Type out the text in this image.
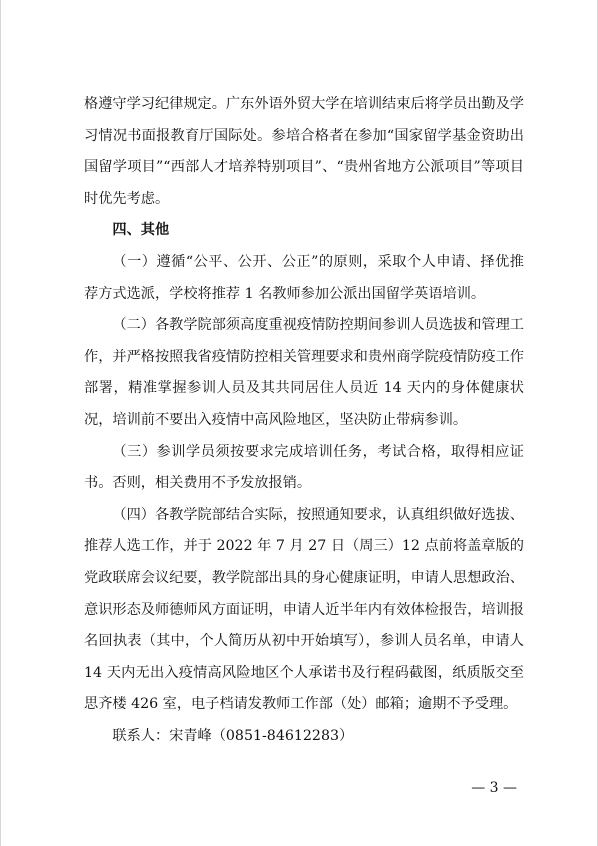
格遵守学习纪律规定。广东外语外贸大学在培训结束后将学员出勤及学习情况书面报教育厅国际处。参培合格者在参加“国家留学基金资助出国留学项目”“西部人才培养特别项目”、“贵州省地方公派项目”等项目时优先考虑。

四、其他

（一）遵循“公平、公开、公正”的原则，采取个人申请、择优推荐方式选派，学校将推荐 1 名教师参加公派出国留学英语培训。

（二）各教学院部须高度重视疫情防控期间参训人员选拔和管理工作，并严格按照我省疫情防控相关管理要求和贵州商学院疫情防疫工作部署，精准掌握参训人员及其共同居住人员近 14 天内的身体健康状况，培训前不要出入疫情中高风险地区，坚决防止带病参训。

（三）参训学员须按要求完成培训任务，考试合格，取得相应证书。否则，相关费用不予发放报销。

（四）各教学院部结合实际，按照通知要求，认真组织做好选拔、推荐人选工作，并于 2022 年 7 月 27 日（周三）12 点前将盖章版的党政联席会议纪要，教学院部出具的身心健康证明，申请人思想政治、意识形态及师德师风方面证明，申请人近半年内有效体检报告，培训报名回执表（其中，个人简历从初中开始填写），参训人员名单，申请人 14 天内无出入疫情高风险地区个人承诺书及行程码截图，纸质版交至思齐楼 426 室，电子档请发教师工作部（处）邮箱；逾期不予受理。

联系人：宋青峰（0851-84612283）

— 3 —
